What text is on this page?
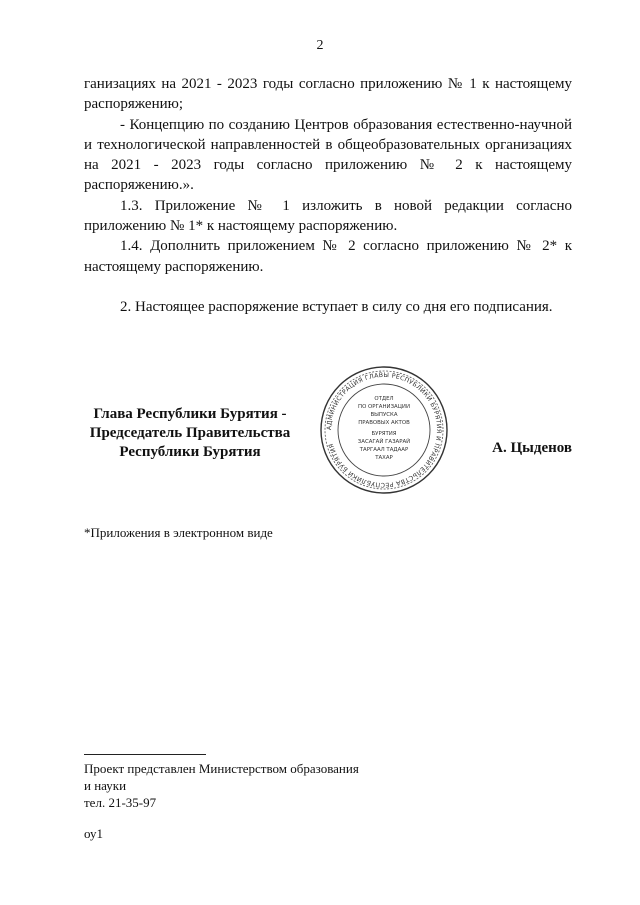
2

ганизациях на 2021 - 2023 годы согласно приложению № 1 к настоящему распоряжению;

- Концепцию по созданию Центров образования естественно-научной и технологической направленностей в общеобразовательных организациях на 2021 - 2023 годы согласно приложению № 2 к настоящему распоряжению.».

1.3. Приложение № 1 изложить в новой редакции согласно приложению № 1* к настоящему распоряжению.

1.4. Дополнить приложением № 2 согласно приложению № 2* к настоящему распоряжению.

2. Настоящее распоряжение вступает в силу со дня его подписания.

Глава Республики Бурятия -
Председатель Правительства
Республики Бурятия
АДМИНИСТРАЦИЯ ГЛАВЫ РЕСПУБЛИКИ БУРЯТИЯ И ПРАВИТЕЛЬСТВА РЕСПУБЛИКИ БУРЯТИЯ
ОТДЕЛ
ПО ОРГАНИЗАЦИИ
ВЫПУСКА
ПРАВОВЫХ АКТОВ
БУРЯТИЯ
ЗАСАГАЙ ГАЗАРАЙ
ТАРГААЛ ТАДААР
ТАХАР
А. Цыденов
*Приложения в электронном виде
Проект представлен Министерством образования
и науки
тел. 21-35-97
оу1
